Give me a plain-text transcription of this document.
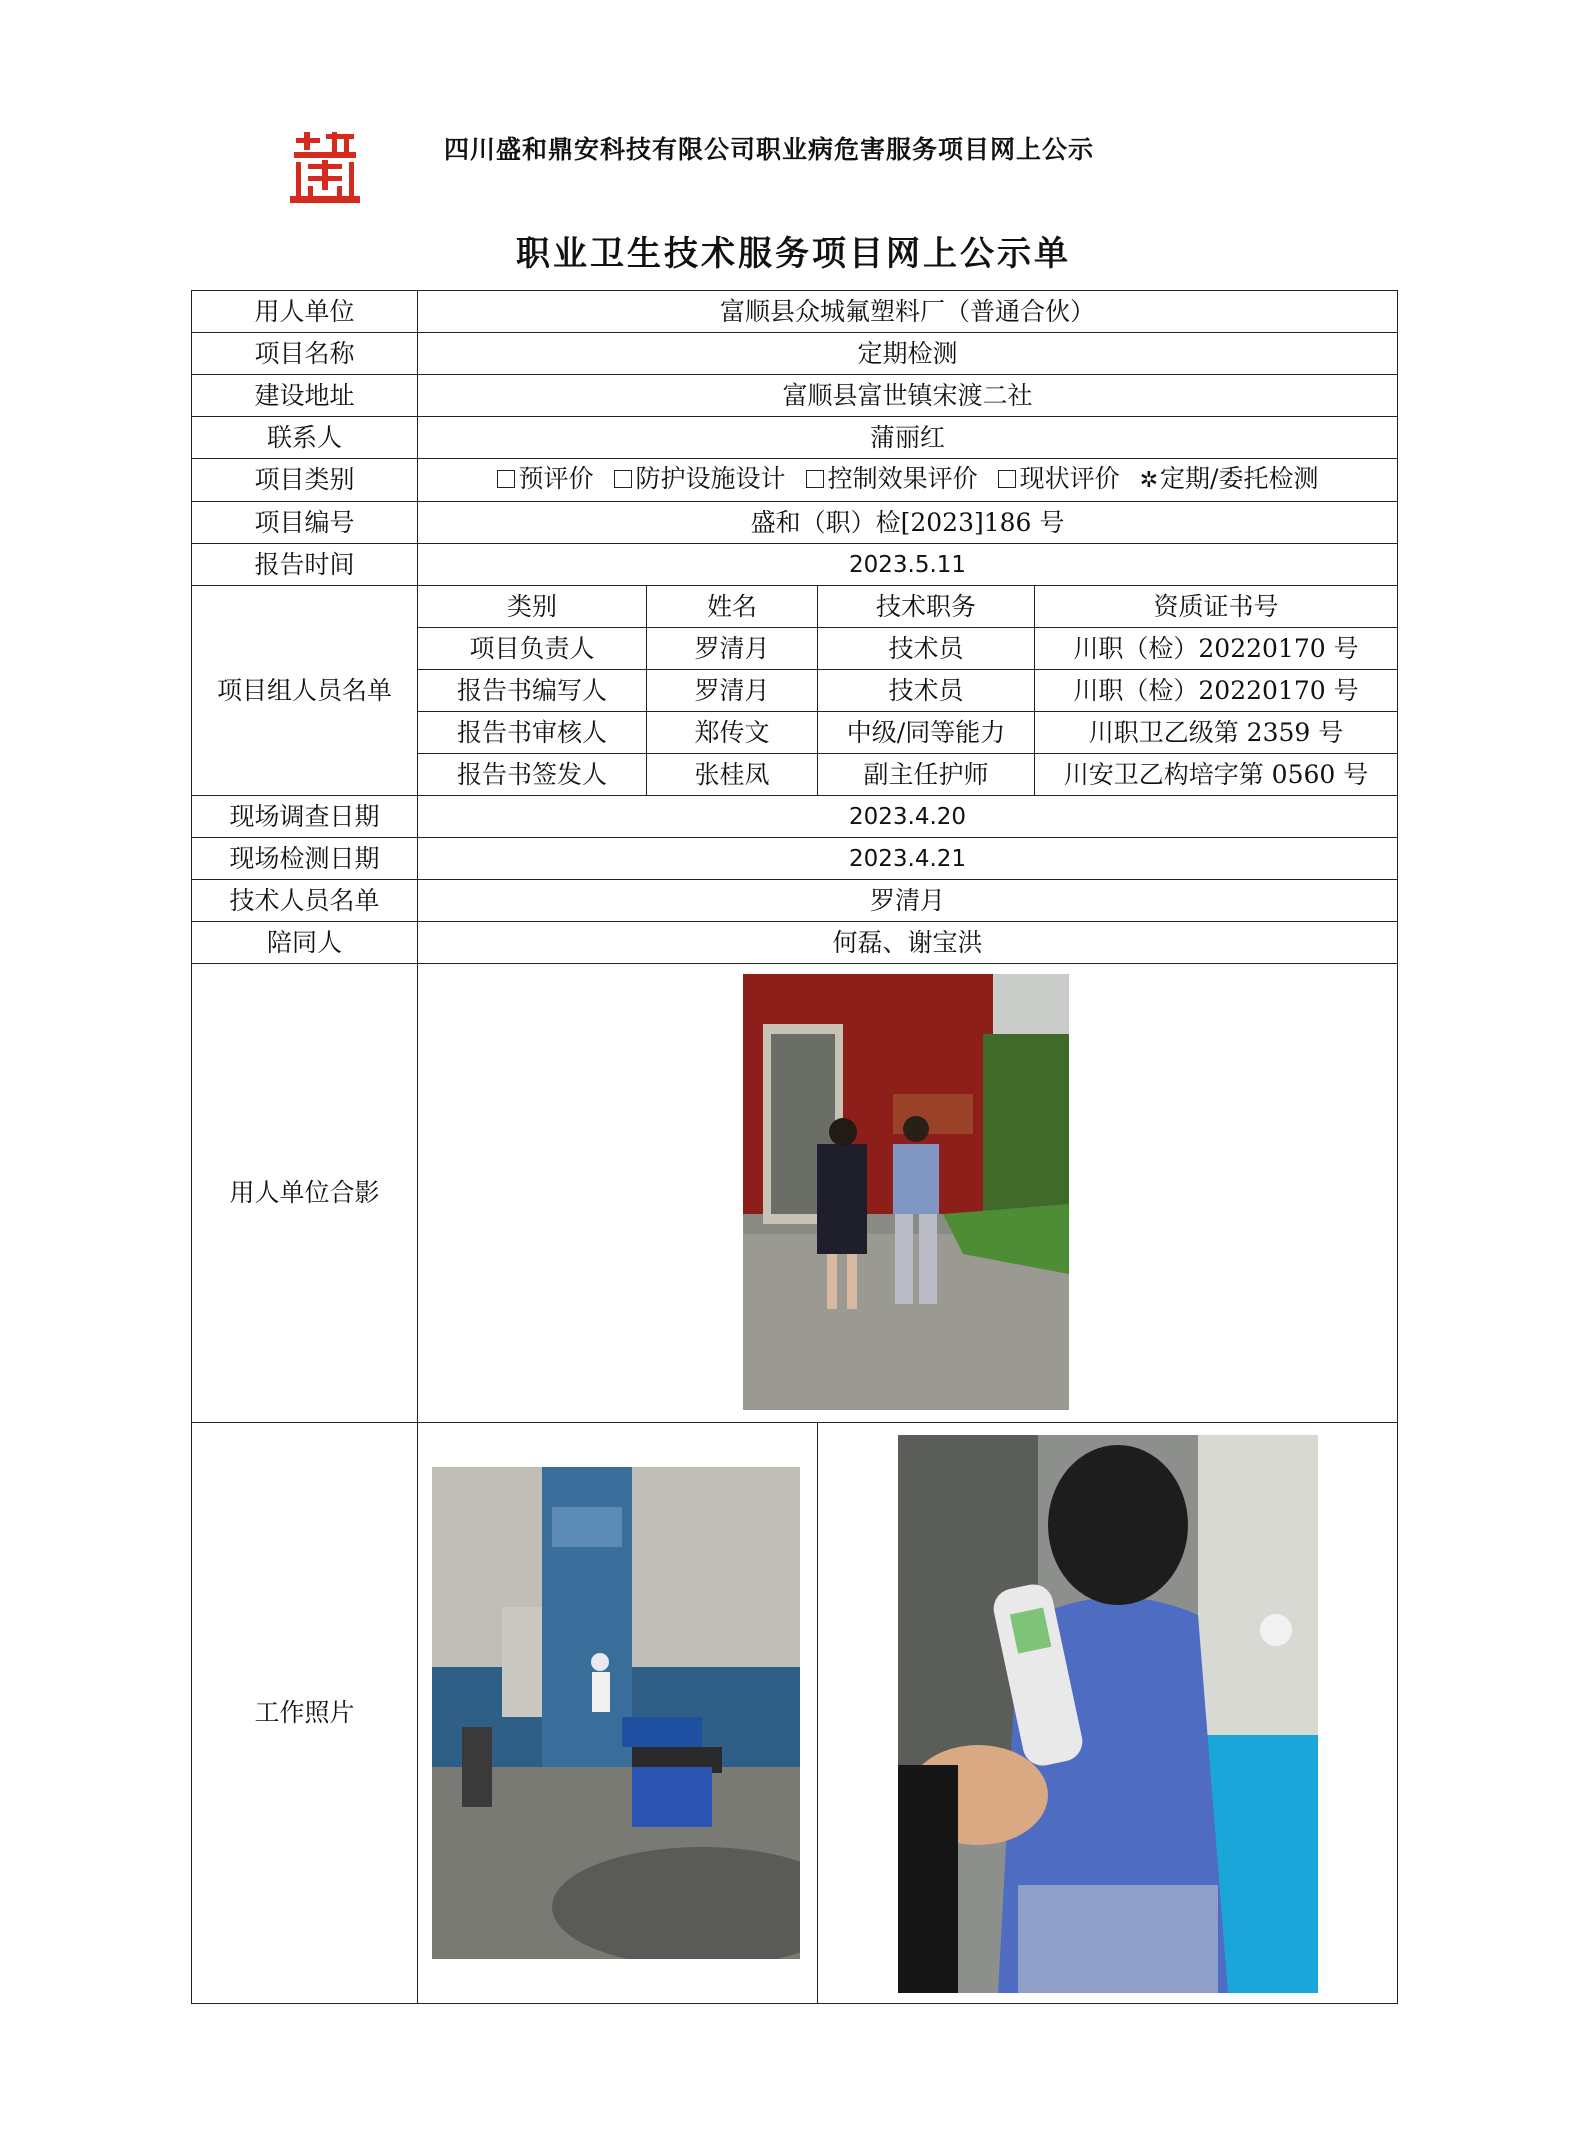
四川盛和鼎安科技有限公司职业病危害服务项目网上公示
职业卫生技术服务项目网上公示单
用人单位	富顺县众城氟塑料厂（普通合伙）			
项目名称	定期检测			
建设地址	富顺县富世镇宋渡二社			
联系人	蒲丽红			
项目类别	预评价 防护设施设计 控制效果评价 现状评价 ✲定期/委托检测			
项目编号	盛和（职）检[2023]186 号			
报告时间	2023.5.11			
项目组人员名单	类别	姓名	技术职务	资质证书号
	项目负责人	罗清月	技术员	川职（检）20220170 号
	报告书编写人	罗清月	技术员	川职（检）20220170 号
	报告书审核人	郑传文	中级/同等能力	川职卫乙级第 2359 号
	报告书签发人	张桂凤	副主任护师	川安卫乙构培字第 0560 号
现场调查日期	2023.4.20			
现场检测日期	2023.4.21			
技术人员名单	罗清月			
陪同人	何磊、谢宝洪			
用人单位合影	

工作照片	
